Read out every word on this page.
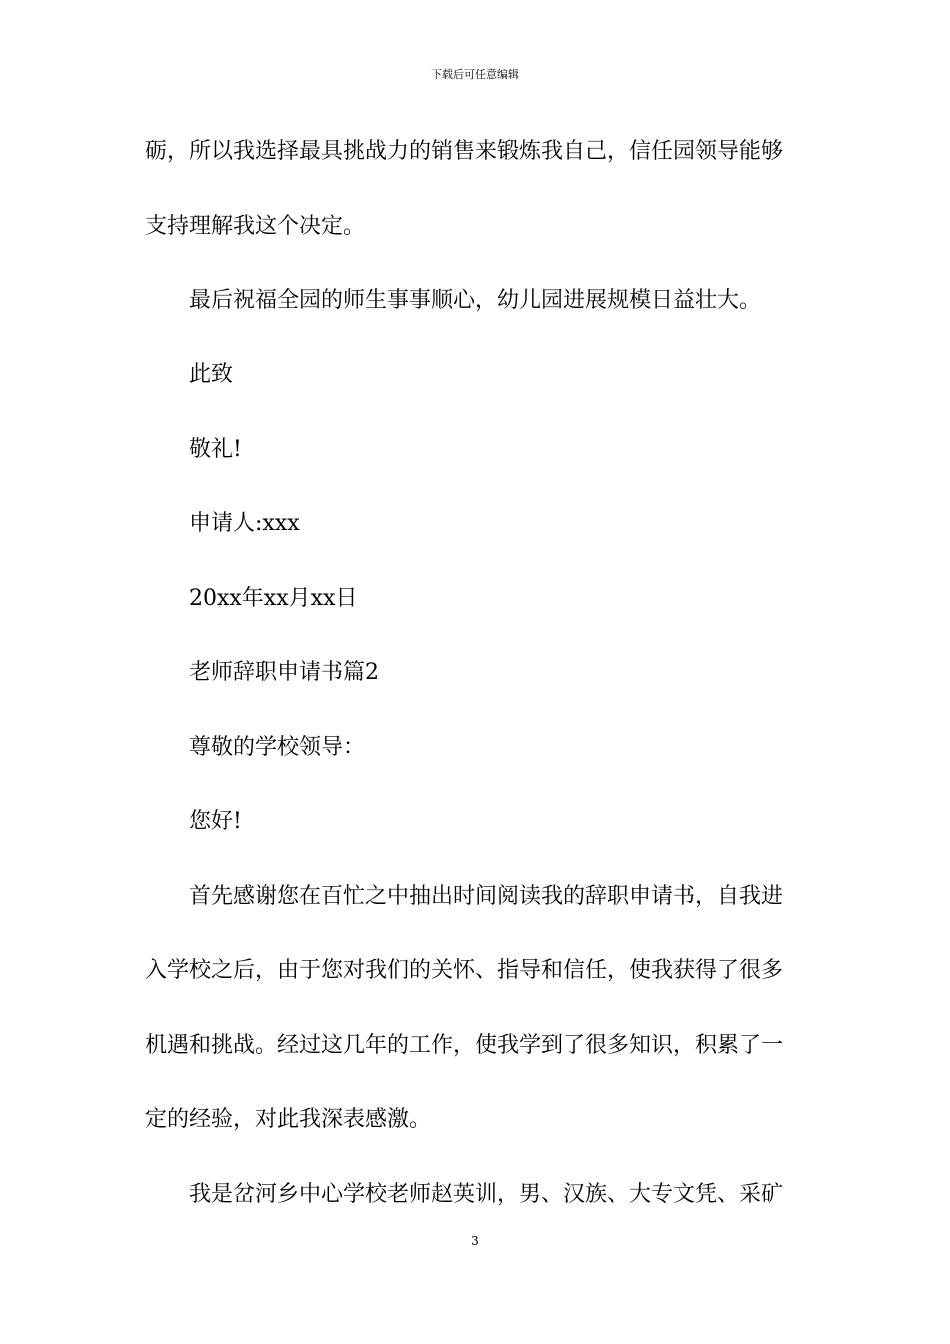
下载后可任意编辑
砺，所以我选择最具挑战力的销售来锻炼我自己，信任园领导能够
支持理解我这个决定。
最后祝福全园的师生事事顺心，幼儿园进展规模日益壮大。
此致
敬礼!
申请人:xxx
20xx年xx月xx日
老师辞职申请书篇2
尊敬的学校领导：
您好!
首先感谢您在百忙之中抽出时间阅读我的辞职申请书，自我进
入学校之后，由于您对我们的关怀、指导和信任，使我获得了很多
机遇和挑战。经过这几年的工作，使我学到了很多知识，积累了一
定的经验，对此我深表感激。
我是岔河乡中心学校老师赵英训，男、汉族、大专文凭、采矿
3
